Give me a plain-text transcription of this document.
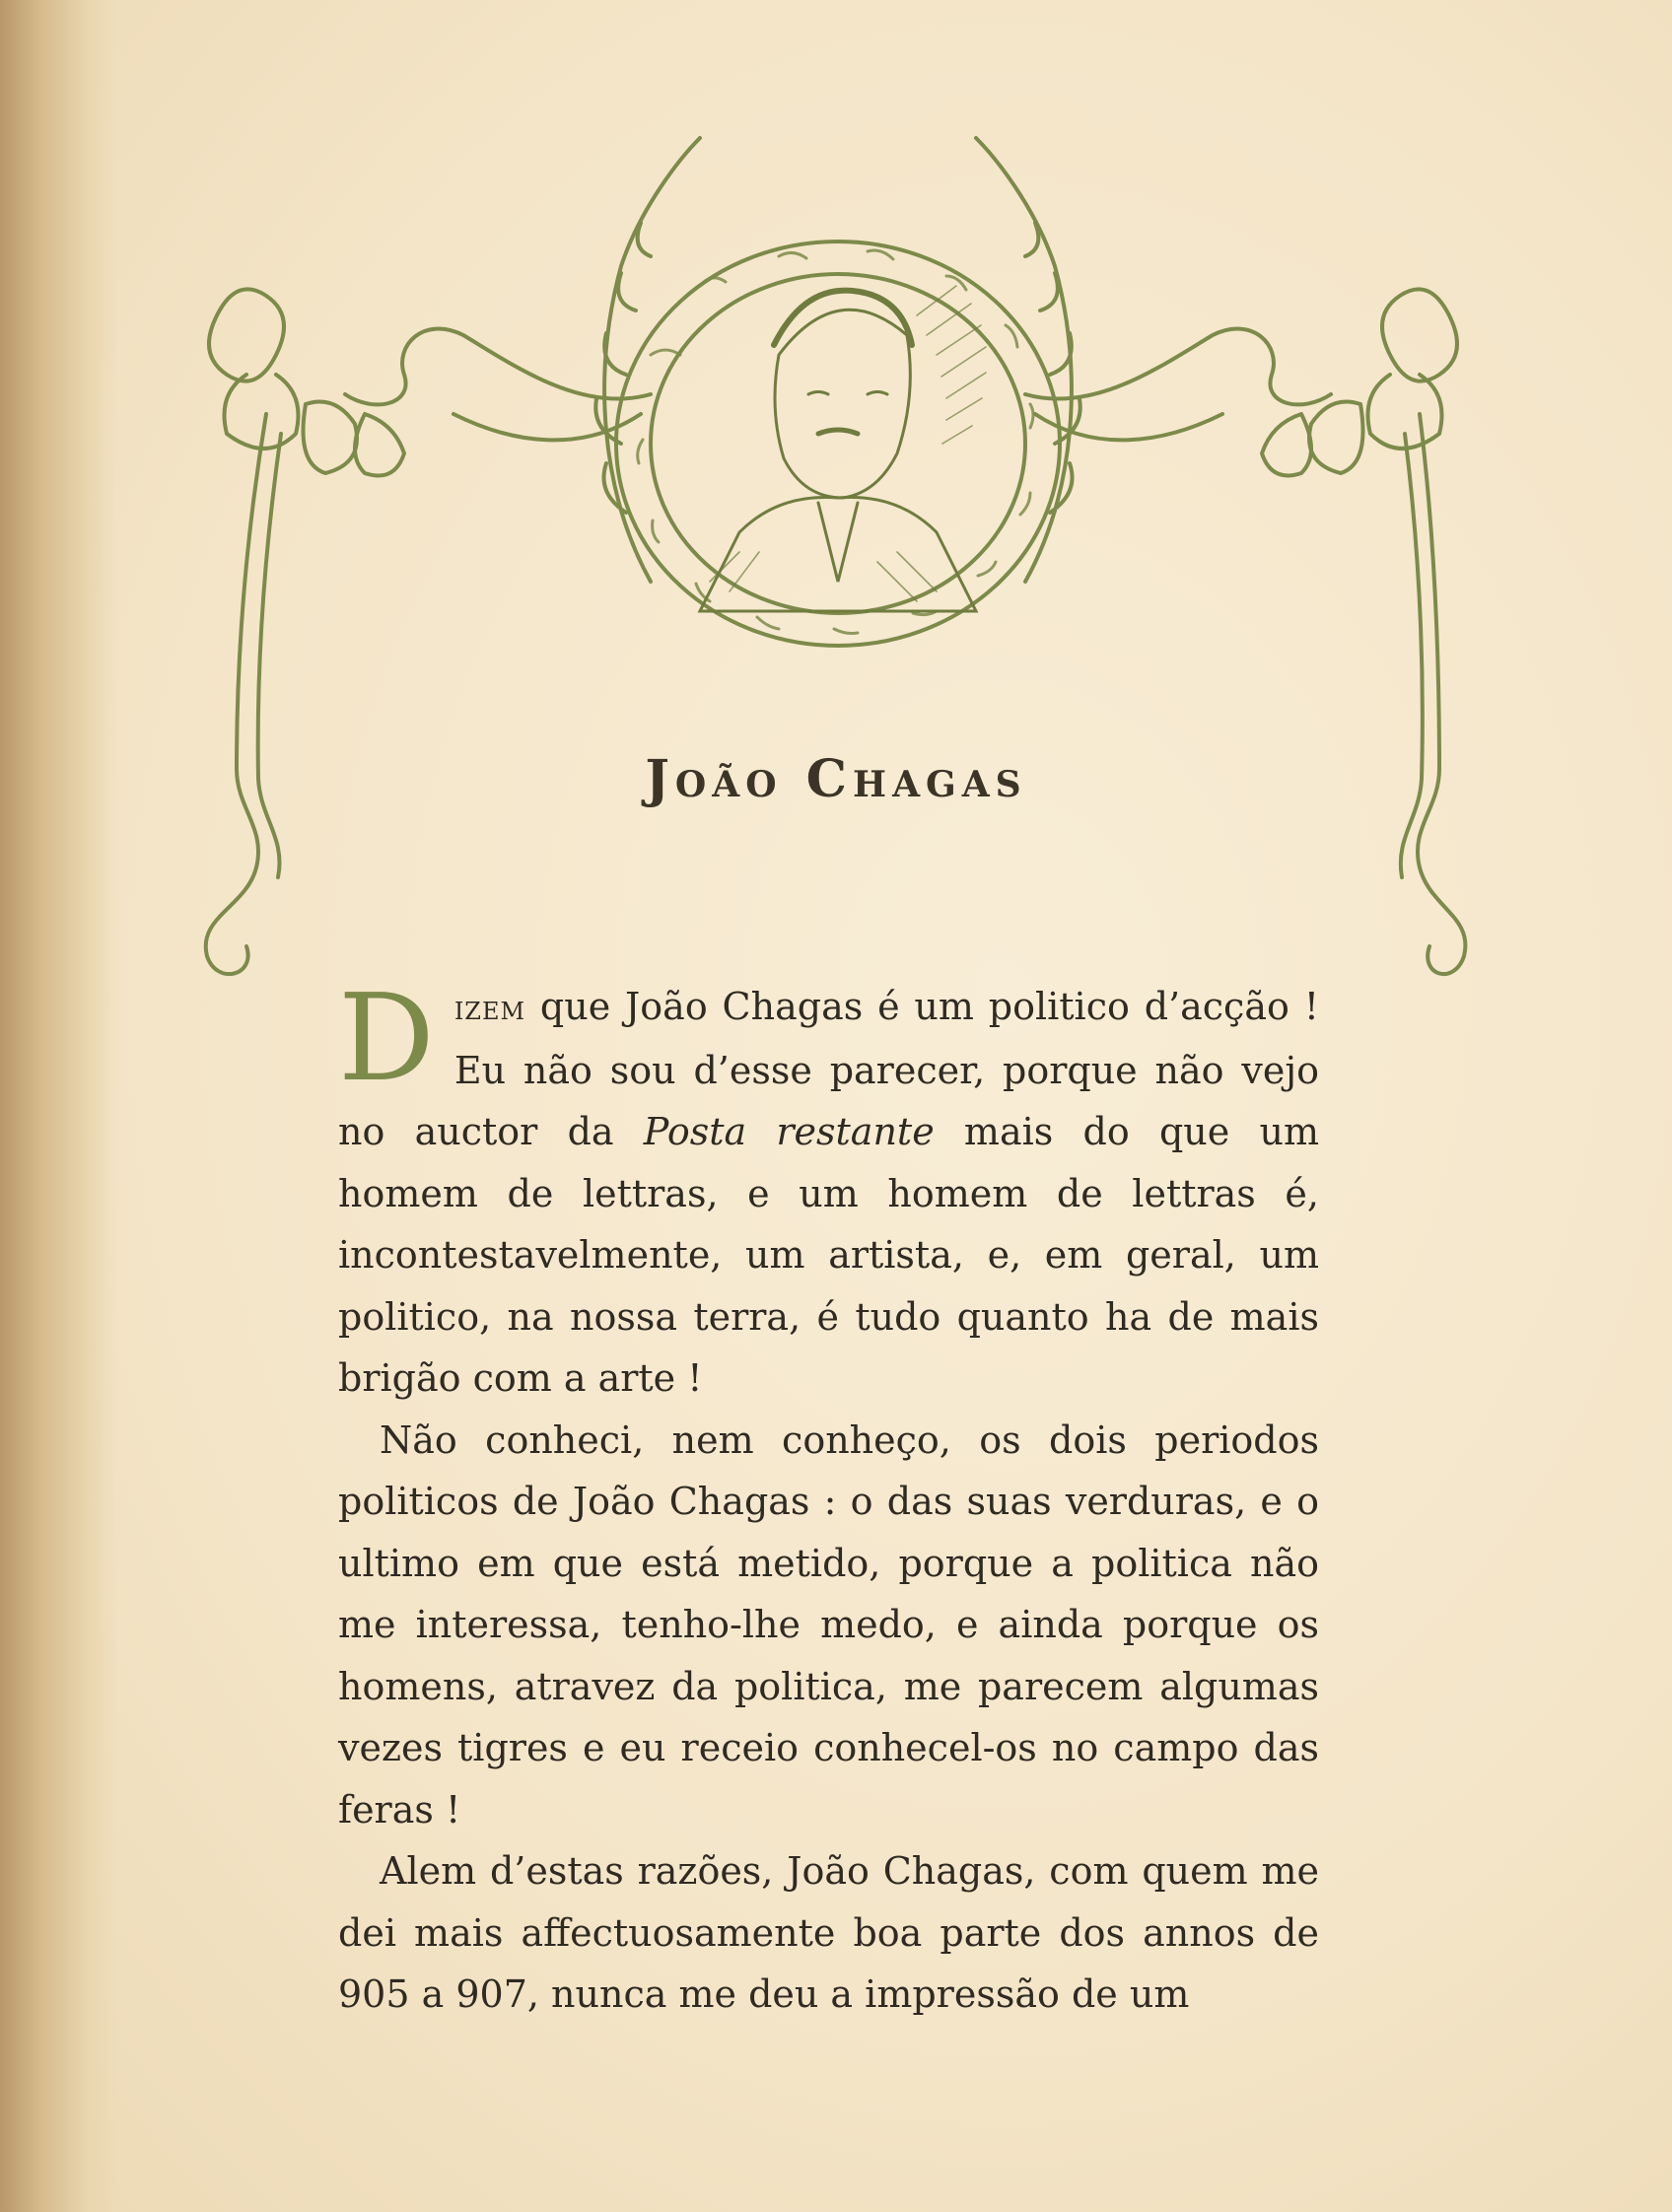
João Chagas

Dizem que João Chagas é um politico d’acção ! Eu não sou d’esse parecer, porque não vejo no auctor da Posta restante mais do que um homem de lettras, e um homem de lettras é, incontestavelmente, um artista, e, em geral, um politico, na nossa terra, é tudo quanto ha de mais brigão com a arte !

Não conheci, nem conheço, os dois periodos politicos de João Chagas : o das suas verduras, e o ultimo em que está metido, porque a politica não me interessa, tenho-lhe medo, e ainda porque os homens, atravez da politica, me parecem algumas vezes tigres e eu receio conhecel-os no campo das feras !

Alem d’estas razões, João Chagas, com quem me dei mais affectuosamente boa parte dos annos de 905 a 907, nunca me deu a impressão de um
